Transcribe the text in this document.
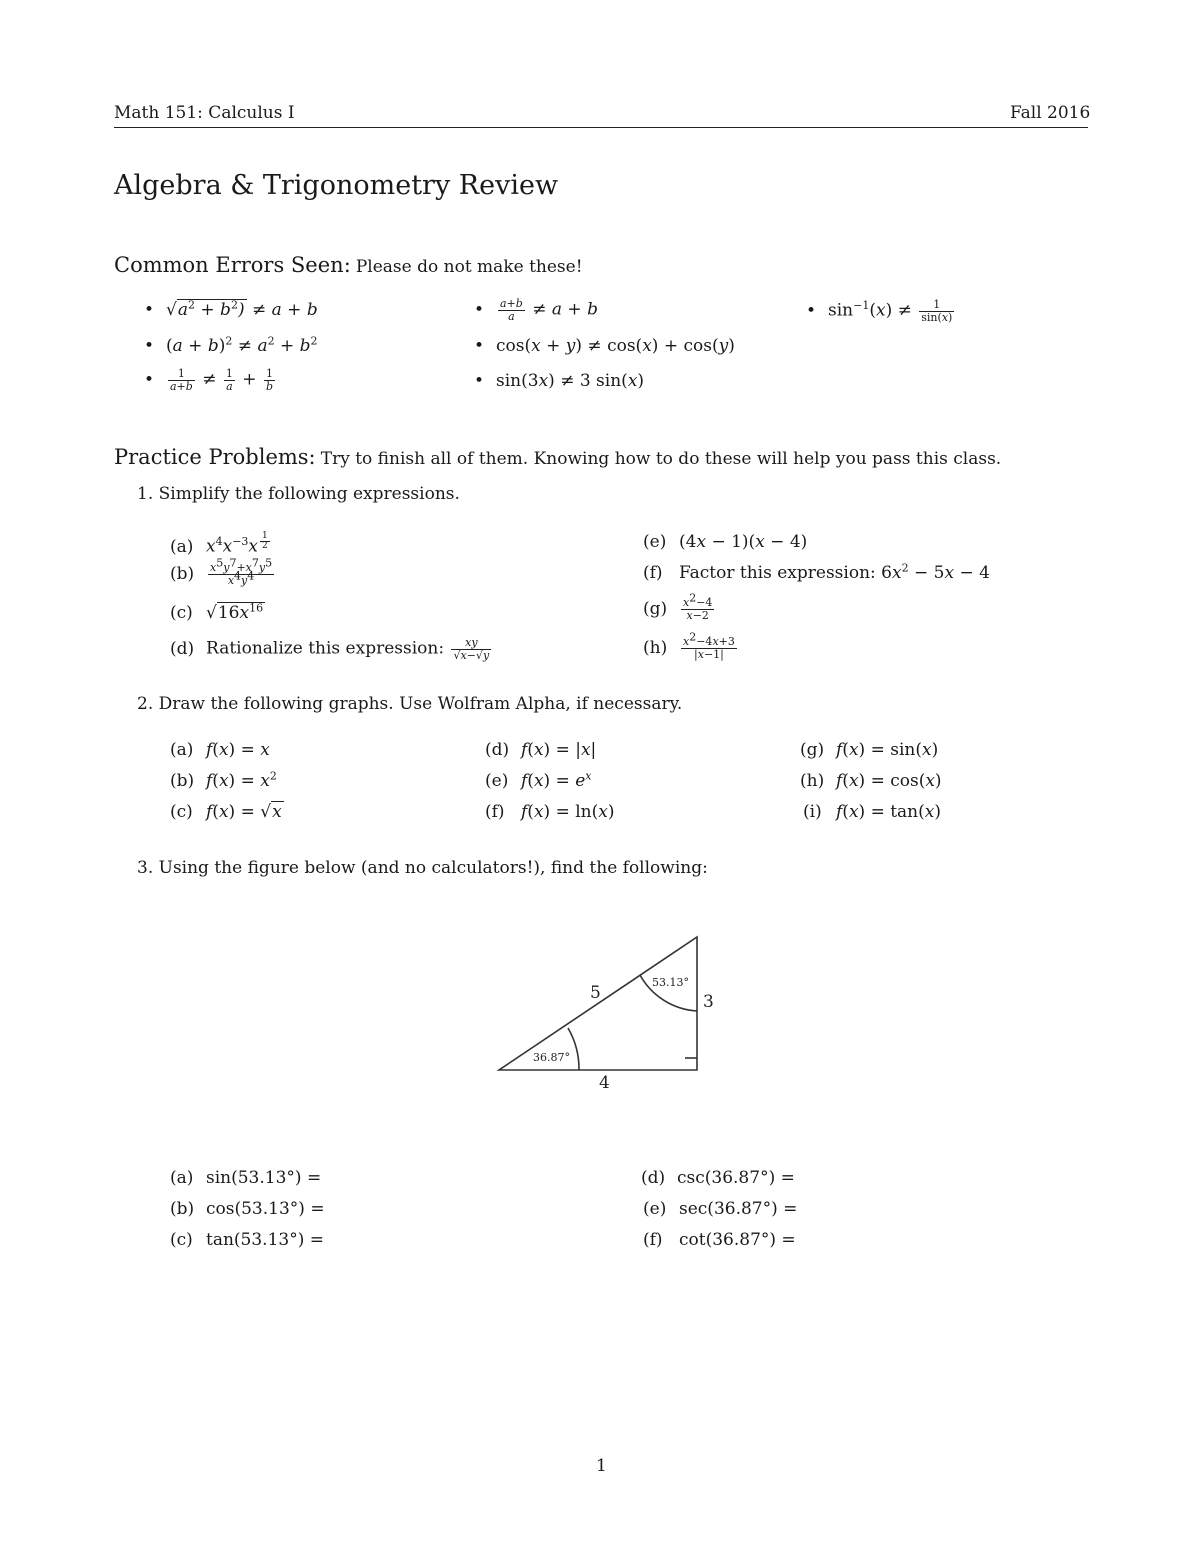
Math 151: Calculus I	Fall 2016
Algebra & Trigonometry Review
Common Errors Seen: Please do not make these!
• $√a^2 + b^2) \ne a + b$
• $(a + b)^2 \ne a^2 + b^2$
• $\frac{1}{a+b} \ne \frac{1}{a} + \frac{1}{b}$
• $\frac{a+b}{a} \ne a + b$
• cos(x + y) ≠ cos(x) + cos(y)
• sin(3x) ≠ 3 sin(x)
• $\sin^{-1}(x) \ne \frac{1}{\sin(x)}$
Practice Problems: Try to finish all of them. Knowing how to do these will help you pass this class.
1. Simplify the following expressions.
(a) $x^4x^{-3}x$ $^{\frac{1}{2}}$
$(b) \frac{x^5y^7+x^7y^5}{x^4y^4}$
(c) $√16x^{16}$
(d) Rationalize this expression: $\frac{xy}{√x-√y}$
(e) (4x − 1)(x − 4)
(f) Factor this expression: $6x^2 - 5x - 4$
$(g) \frac{x^2-4}{x-2}$
$(h) \frac{x^2-4x+3}{|x-1|}$
2. Draw the following graphs. Use Wolfram Alpha, if necessary.
(a) f(x) = x
(b) $f(x) = x^2$
(c) f(x) = √x
(d) f(x) = |x|
(e) $f(x) = e^x$
(f) f(x) = ln(x)
(g) f(x) = sin(x)
(h) f(x) = cos(x)
(i) f(x) = tan(x)
3. Using the figure below (and no calculators!), find the following:
5	3
4
53.13°
36.87°
(a) sin(53.13°) =
(b) cos(53.13°) =
(c) tan(53.13°) =
(d) csc(36.87°) =
(e) sec(36.87°) =
(f) cot(36.87°) =
1
